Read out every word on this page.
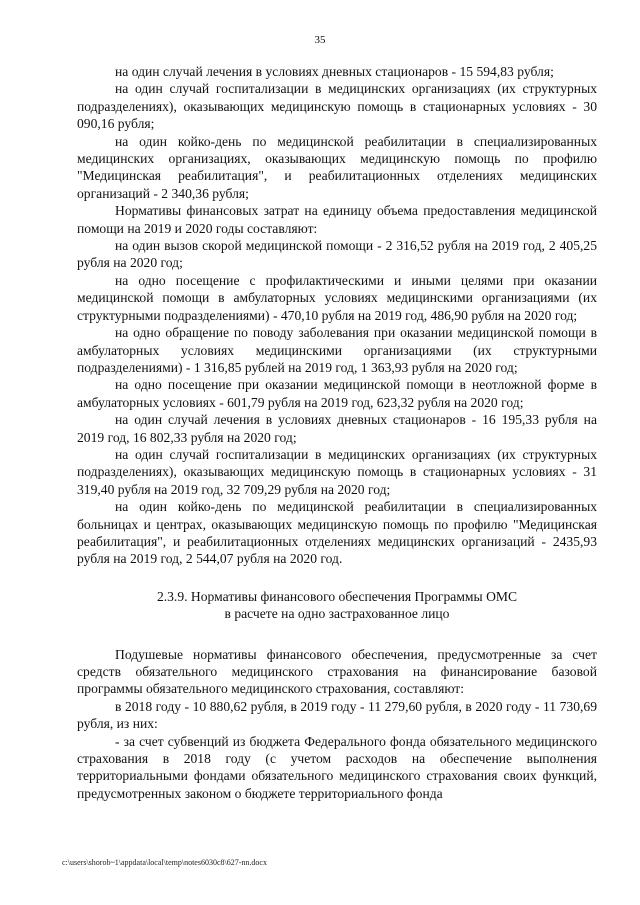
35

на один случай лечения в условиях дневных стационаров - 15 594,83 рубля;

на один случай госпитализации в медицинских организациях (их структурных подразделениях), оказывающих медицинскую помощь в стационарных условиях - 30 090,16 рубля;

на один койко-день по медицинской реабилитации в специализированных медицинских организациях, оказывающих медицинскую помощь по профилю "Медицинская реабилитация", и реабилитационных отделениях медицинских организаций - 2 340,36 рубля;

Нормативы финансовых затрат на единицу объема предоставления медицинской помощи на 2019 и 2020 годы составляют:

на один вызов скорой медицинской помощи - 2 316,52 рубля на 2019 год, 2 405,25 рубля на 2020 год;

на одно посещение с профилактическими и иными целями при оказании медицинской помощи в амбулаторных условиях медицинскими организациями (их структурными подразделениями) - 470,10 рубля на 2019 год, 486,90 рубля на 2020 год;

на одно обращение по поводу заболевания при оказании медицинской помощи в амбулаторных условиях медицинскими организациями (их структурными подразделениями) - 1 316,85 рублей на 2019 год, 1 363,93 рубля на 2020 год;

на одно посещение при оказании медицинской помощи в неотложной форме в амбулаторных условиях - 601,79 рубля на 2019 год, 623,32 рубля на 2020 год;

на один случай лечения в условиях дневных стационаров - 16 195,33 рубля на 2019 год, 16 802,33 рубля на 2020 год;

на один случай госпитализации в медицинских организациях (их структурных подразделениях), оказывающих медицинскую помощь в стационарных условиях - 31 319,40 рубля на 2019 год, 32 709,29 рубля на 2020 год;

на один койко-день по медицинской реабилитации в специализированных больницах и центрах, оказывающих медицинскую помощь по профилю "Медицинская реабилитация", и реабилитационных отделениях медицинских организаций - 2435,93 рубля на 2019 год, 2 544,07 рубля на 2020 год.

2.3.9. Нормативы финансового обеспечения Программы ОМС
в расчете на одно застрахованное лицо

Подушевые нормативы финансового обеспечения, предусмотренные за счет средств обязательного медицинского страхования на финансирование базовой программы обязательного медицинского страхования, составляют:

в 2018 году - 10 880,62 рубля, в 2019 году - 11 279,60 рубля, в 2020 году - 11 730,69 рубля, из них:

- за счет субвенций из бюджета Федерального фонда обязательного медицинского страхования в 2018 году (с учетом расходов на обеспечение выполнения территориальными фондами обязательного медицинского страхования своих функций, предусмотренных законом о бюджете территориального фонда

c:\users\shorob~1\appdata\local\temp\notes6030c8\627-nn.docx
